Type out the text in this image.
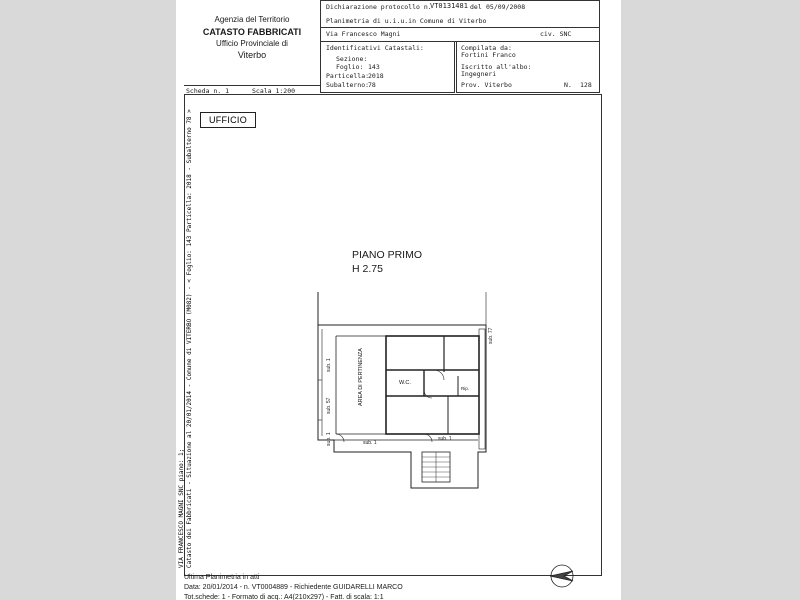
Agenzia del Territorio
CATASTO FABBRICATI
Ufficio Provinciale di
Viterbo
Dichiarazione protocollo n.
VT0131481 del 05/09/2008
Planimetria di u.i.u.in Comune di Viterbo
Via Francesco Magni	civ. SNC
Identificativi Catastali:
Sezione:
Foglio: 143
Particella:
2018
Subalterno:
78
Compilata da:
Fortini Franco
Iscritto all'albo:
Ingegneri
Prov. Viterbo	N. 128
Scheda n. 1	Scala 1:200
UFFICIO
PIANO PRIMO
H 2.75
W.C.
Rip.
AREA DI PERTINENZA
sub. 1
sub. 57
sub. 1	sub. 1
sub. 1
sub. 77
Catasto dei Fabbricati - Situazione al 20/01/2014 - Comune di VITERBO (M082) - < Foglio: 143 Particella: 2018 - Subalterno 78 >
VIA FRANCESCO MAGNI SNC piano: 1;
Ultima Planimetria in atti
Data: 20/01/2014 - n. VT0004889 - Richiedente GUIDARELLI MARCO
Tot.schede: 1 - Formato di acq.: A4(210x297) - Fatt. di scala: 1:1
